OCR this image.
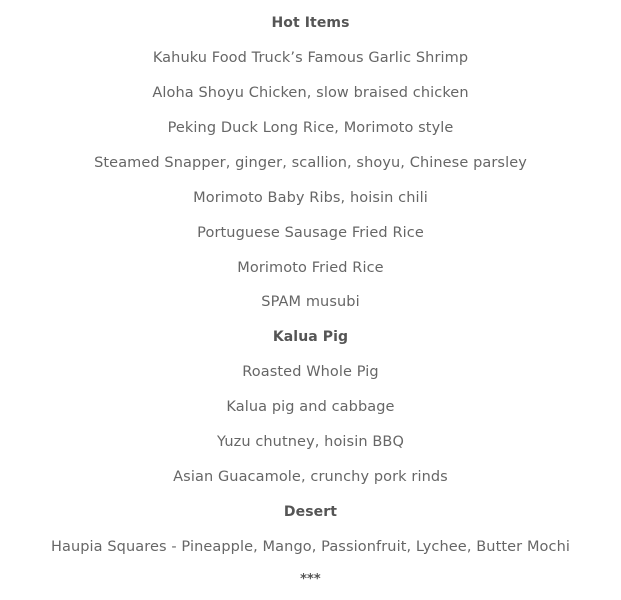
Hot Items
Kahuku Food Truck’s Famous Garlic Shrimp
Aloha Shoyu Chicken, slow braised chicken
Peking Duck Long Rice, Morimoto style
Steamed Snapper, ginger, scallion, shoyu, Chinese parsley
Morimoto Baby Ribs, hoisin chili
Portuguese Sausage Fried Rice
Morimoto Fried Rice
SPAM musubi
Kalua Pig
Roasted Whole Pig
Kalua pig and cabbage
Yuzu chutney, hoisin BBQ
Asian Guacamole, crunchy pork rinds
Desert
Haupia Squares - Pineapple, Mango, Passionfruit, Lychee, Butter Mochi
***
